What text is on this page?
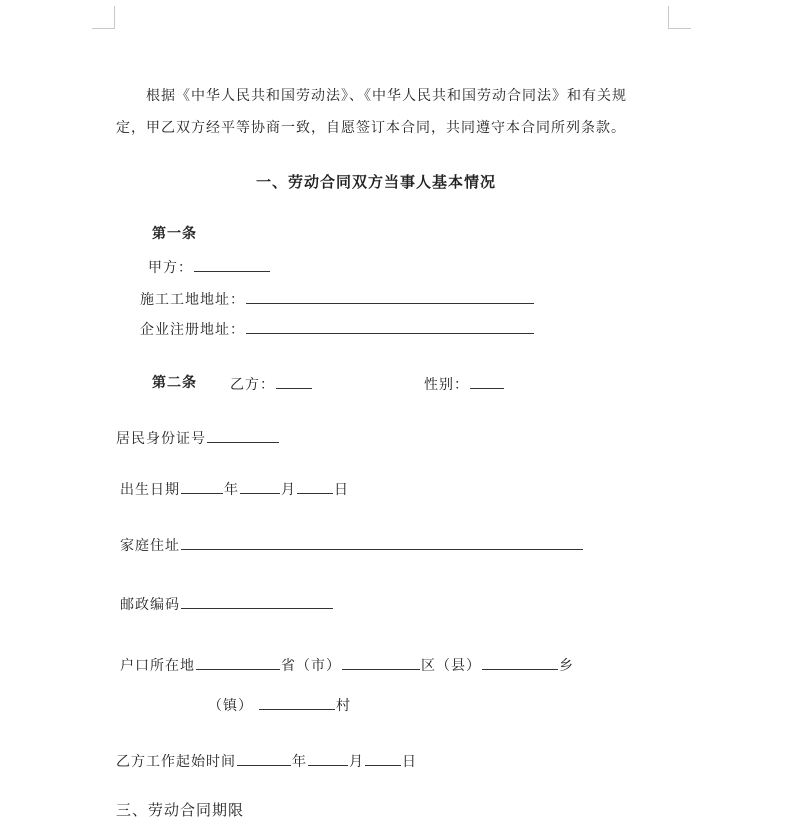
根据《中华人民共和国劳动法》、《中华人民共和国劳动合同法》和有关规
定，甲乙双方经平等协商一致，自愿签订本合同，共同遵守本合同所列条款。
一、劳动合同双方当事人基本情况
第一条
甲方：
施工工地地址：
企业注册地址：
第二条 乙方：	性别：
居民身份证号
出生日期	年	月	日
家庭住址
邮政编码
户口所在地	省（市）	区（县）	乡
（镇）	村
乙方工作起始时间	年	月	日
三、劳动合同期限
